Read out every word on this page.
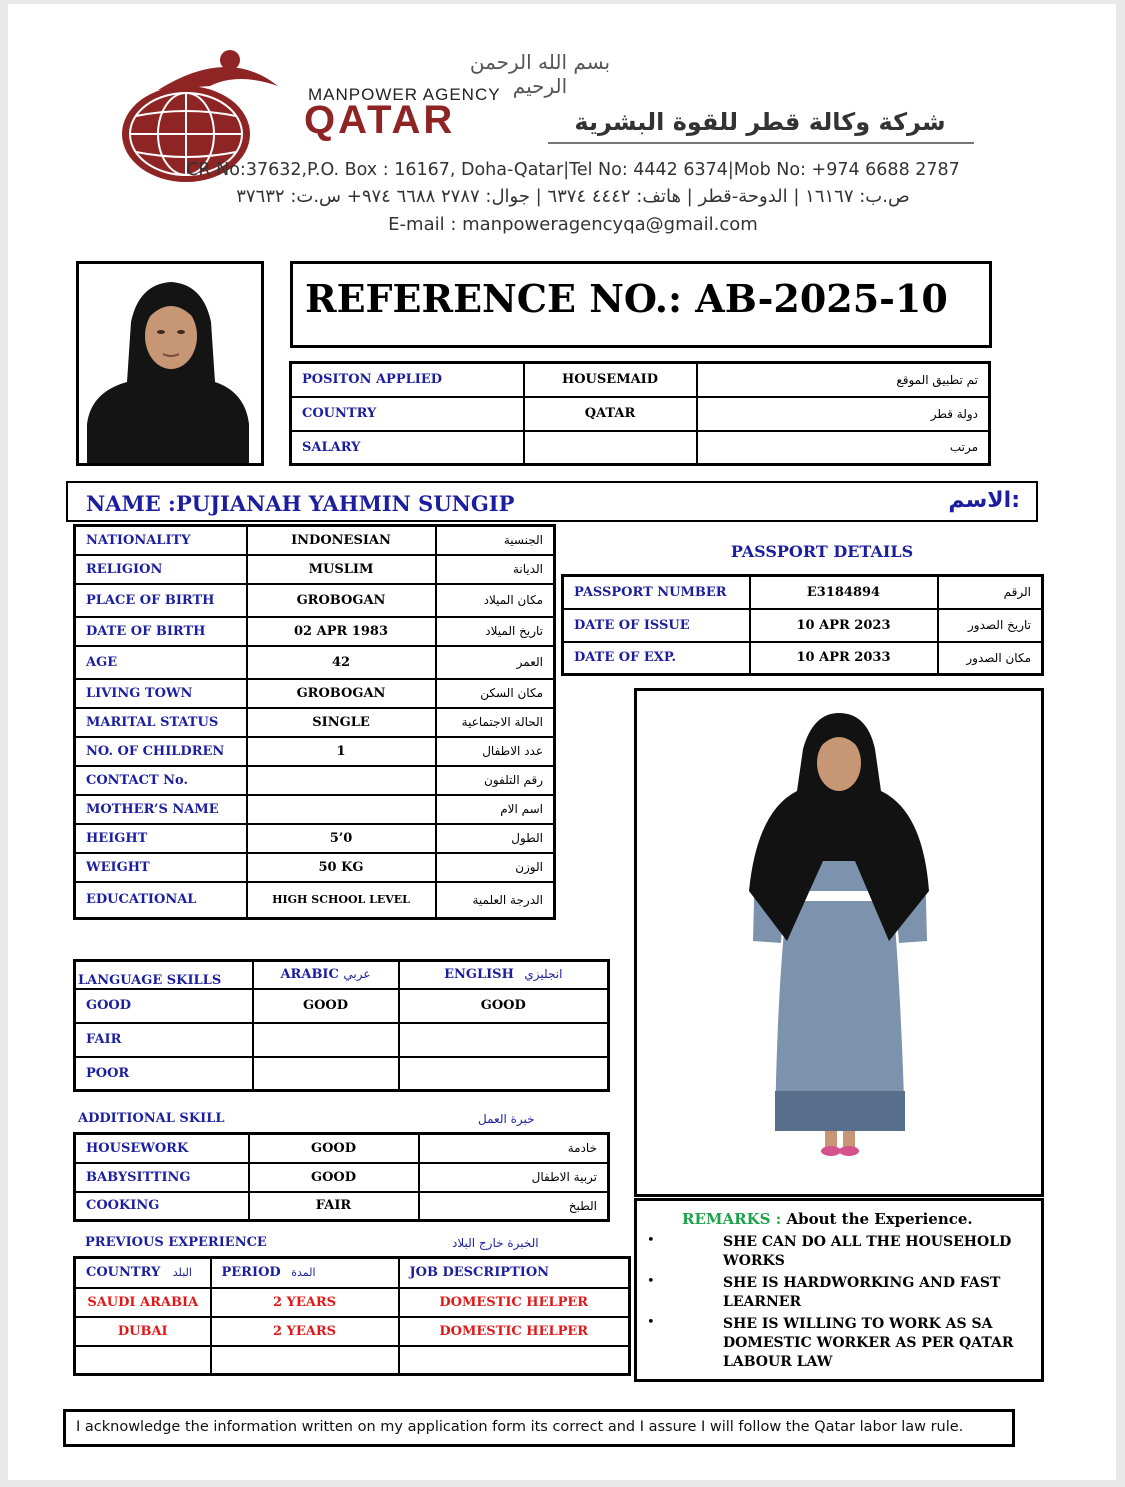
بسم الله الرحمن الرحيم
MANPOWER AGENCY
QATAR	شركة وكالة قطر للقوة البشرية
CR No:37632,P.O. Box : 16167, Doha-Qatar|Tel No: 4442 6374|Mob No: +974 6688 2787
ص.ب: ١٦١٦٧ | الدوحة-قطر | هاتف: ٤٤٤٢ ٦٣٧٤ | جوال: ٢٧٨٧ ٦٦٨٨ ٩٧٤+ س.ت: ٣٧٦٣٢
E-mail : manpoweragencyqa@gmail.com
REFERENCE NO.: AB-2025-10
POSITON APPLIED	HOUSEMAID	تم تطبيق الموقع
COUNTRY	QATAR	دولة قطر
SALARY		مرتب
NAME : PUJIANAH YAHMIN SUNGIP	الاسم:
NATIONALITY	INDONESIAN	الجنسية
RELIGION	MUSLIM	الديانة
PLACE OF BIRTH	GROBOGAN	مكان الميلاد
DATE OF BIRTH	02 APR 1983	تاريخ الميلاد
AGE	42	العمر
LIVING TOWN	GROBOGAN	مكان السكن
MARITAL STATUS	SINGLE	الحالة الاجتماعية
NO. OF CHILDREN	1	عدد الاطفال
CONTACT No.		رقم التلفون
MOTHER’S NAME		اسم الام
HEIGHT	5’0	الطول
WEIGHT	50 KG	الوزن
EDUCATIONAL	HIGH SCHOOL LEVEL	الدرجة العلمية
PASSPORT DETAILS
PASSPORT NUMBER	E3184894	الرقم
DATE OF ISSUE	10 APR 2023	تاريخ الصدور
DATE OF EXP.	10 APR 2033	مكان الصدور
LANGUAGE SKILLS	ARABIC عربي	ENGLISH انجليزي
GOOD	GOOD	GOOD
FAIR		
POOR		
ADDITIONAL SKILL	خبرة العمل
HOUSEWORK	GOOD	خادمة
BABYSITTING	GOOD	تربية الاطفال
COOKING	FAIR	الطبخ
PREVIOUS EXPERIENCE	الخبرة خارج البلاد
COUNTRY البلد	PERIOD المدة	JOB DESCRIPTION
SAUDI ARABIA	2 YEARS	DOMESTIC HELPER
DUBAI	2 YEARS	DOMESTIC HELPER

REMARKS : About the Experience.
•	SHE CAN DO ALL THE HOUSEHOLD WORKS
•	SHE IS HARDWORKING AND FAST LEARNER
•	SHE IS WILLING TO WORK AS SA DOMESTIC WORKER AS PER QATAR LABOUR LAW
I acknowledge the information written on my application form its correct and I assure I will follow the Qatar labor law rule.
